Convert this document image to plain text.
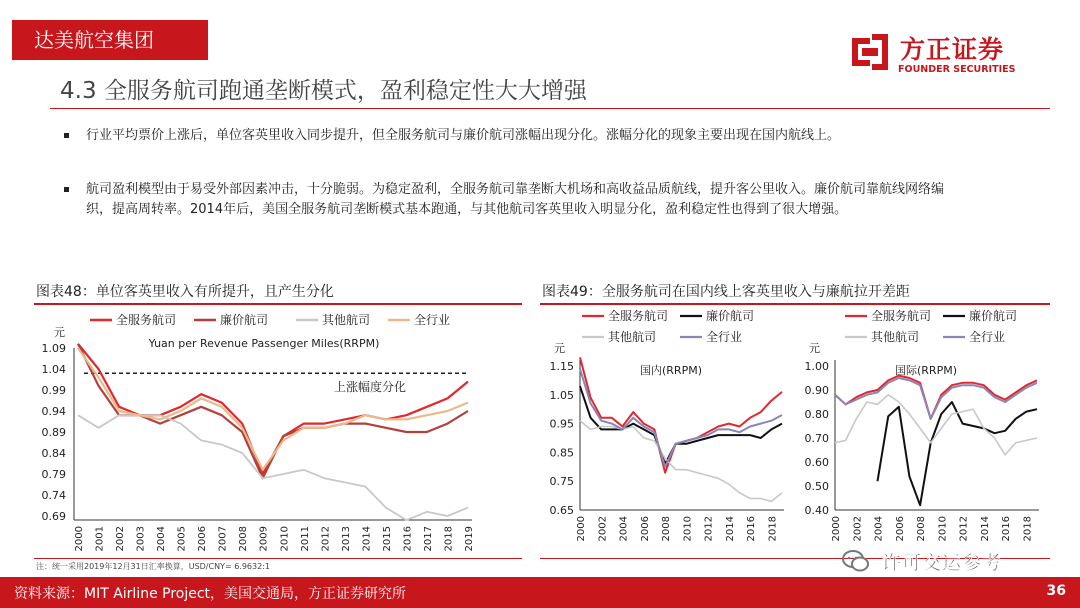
达美航空集团	方正证券
FOUNDER SECURITIES
4.3 全服务航司跑通垄断模式，盈利稳定性大大增强
行业平均票价上涨后，单位客英里收入同步提升，但全服务航司与廉价航司涨幅出现分化。涨幅分化的现象主要出现在国内航线上。
航司盈利模型由于易受外部因素冲击，十分脆弱。为稳定盈利，全服务航司靠垄断大机场和高收益品质航线，提升客公里收入。廉价航司靠航线网络编织，提高周转率。2014年后，美国全服务航司垄断模式基本跑通，与其他航司客英里收入明显分化，盈利稳定性也得到了很大增强。
图表48：单位客英里收入有所提升，且产生分化
全服务航司	廉价航司	其他航司	全行业
元
Yuan per Revenue Passenger Miles(RRPM)
1.09
1.04
0.99
0.94
0.89
0.84
0.79
0.74
0.69
2000 2001 2002 2003 2004 2005 2006 2007 2008 2009 2010 2011 2012 2013 2014 2015 2016 2017 2018 2019
上涨幅度分化
图表49：全服务航司在国内线上客英里收入与廉航拉开差距
全服务航司	廉价航司
其他航司	全行业
元
国内(RRPM)
1.15
1.05
0.95
0.85
0.75
0.65
2000 2002 2004 2006 2008 2010 2012 2014 2016 2018
全服务航司	廉价航司
其他航司	全行业
元
国际(RRPM)
1.00
0.90
0.80
0.70
0.60
0.50
0.40
2000 2002 2004 2006 2008 2010 2012 2014 2016 2018
注：统一采用2019年12月31日汇率换算，USD/CNY= 6.9632:1	许可交运参考
资料来源：MIT Airline Project，美国交通局，方正证券研究所	36
